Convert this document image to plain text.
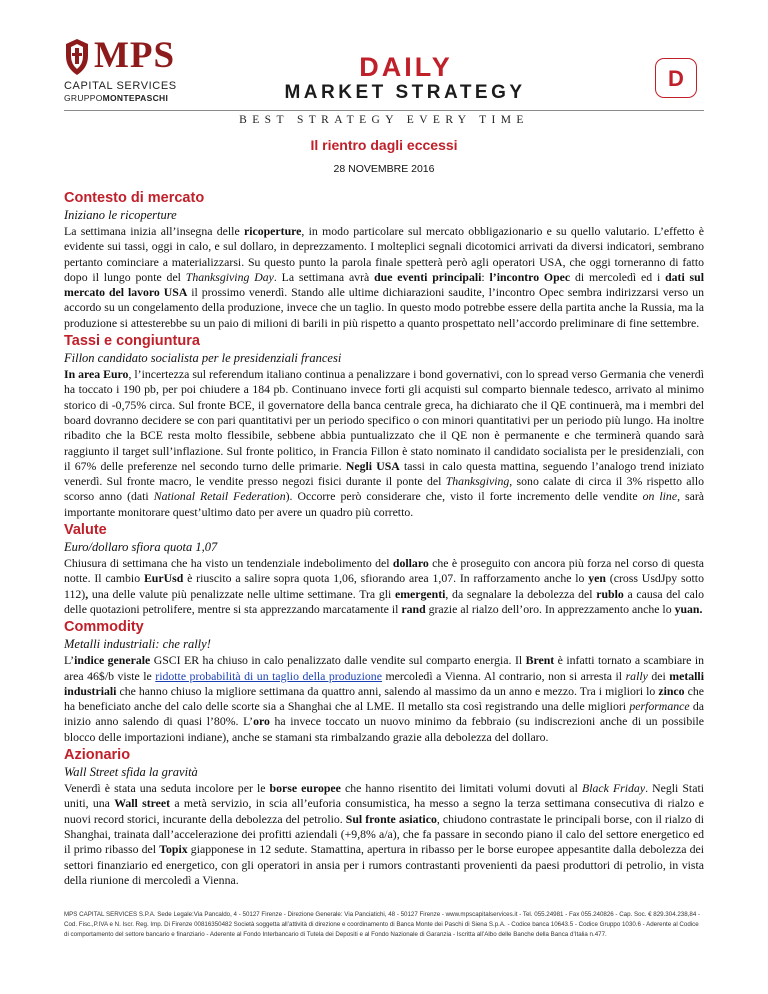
MPS
CAPITAL SERVICES
GRUPPOMONTEPASCHI
DAILY
MARKET STRATEGY
D
BEST STRATEGY EVERY TIME
Il rientro dagli eccessi
28 NOVEMBRE 2016
Contesto di mercato
Iniziano le ricoperture

La settimana inizia all’insegna delle ricoperture, in modo particolare sul mercato obbligazionario e su quello valutario. L’effetto è evidente sui tassi, oggi in calo, e sul dollaro, in deprezzamento. I molteplici segnali dicotomici arrivati da diversi indicatori, sembrano pertanto cominciare a materializzarsi. Su questo punto la parola finale spetterà però agli operatori USA, che oggi torneranno di fatto dopo il lungo ponte del Thanksgiving Day. La settimana avrà due eventi principali: l’incontro Opec di mercoledì ed i dati sul mercato del lavoro USA il prossimo venerdì. Stando alle ultime dichiarazioni saudite, l’incontro Opec sembra indirizzarsi verso un accordo su un congelamento della produzione, invece che un taglio. In questo modo potrebbe essere della partita anche la Russia, ma la produzione si attesterebbe su un paio di milioni di barili in più rispetto a quanto prospettato nell’accordo preliminare di fine settembre.

Tassi e congiuntura
Fillon candidato socialista per le presidenziali francesi

In area Euro, l’incertezza sul referendum italiano continua a penalizzare i bond governativi, con lo spread verso Germania che venerdì ha toccato i 190 pb, per poi chiudere a 184 pb. Continuano invece forti gli acquisti sul comparto biennale tedesco, arrivato al minimo storico di -0,75% circa. Sul fronte BCE, il governatore della banca centrale greca, ha dichiarato che il QE continuerà, ma i membri del board dovranno decidere se con pari quantitativi per un periodo specifico o con minori quantitativi per un periodo più lungo. Ha inoltre ribadito che la BCE resta molto flessibile, sebbene abbia puntualizzato che il QE non è permanente e che terminerà quando sarà raggiunto il target sull’inflazione. Sul fronte politico, in Francia Fillon è stato nominato il candidato socialista per le presidenziali, con il 67% delle preferenze nel secondo turno delle primarie. Negli USA tassi in calo questa mattina, seguendo l’analogo trend iniziato venerdì. Sul fronte macro, le vendite presso negozi fisici durante il ponte del Thanksgiving, sono calate di circa il 3% rispetto allo scorso anno (dati National Retail Federation). Occorre però considerare che, visto il forte incremento delle vendite on line, sarà importante monitorare quest’ultimo dato per avere un quadro più corretto.

Valute
Euro/dollaro sfiora quota 1,07

Chiusura di settimana che ha visto un tendenziale indebolimento del dollaro che è proseguito con ancora più forza nel corso di questa notte. Il cambio EurUsd è riuscito a salire sopra quota 1,06, sfiorando area 1,07. In rafforzamento anche lo yen (cross UsdJpy sotto 112), una delle valute più penalizzate nelle ultime settimane. Tra gli emergenti, da segnalare la debolezza del rublo a causa del calo delle quotazioni petrolifere, mentre si sta apprezzando marcatamente il rand grazie al rialzo dell’oro. In apprezzamento anche lo yuan.

Commodity
Metalli industriali: che rally!

L’indice generale GSCI ER ha chiuso in calo penalizzato dalle vendite sul comparto energia. Il Brent è infatti tornato a scambiare in area 46$/b viste le ridotte probabilità di un taglio della produzione mercoledì a Vienna. Al contrario, non si arresta il rally dei metalli industriali che hanno chiuso la migliore settimana da quattro anni, salendo al massimo da un anno e mezzo. Tra i migliori lo zinco che ha beneficiato anche del calo delle scorte sia a Shanghai che al LME. Il metallo sta così registrando una delle migliori performance da inizio anno salendo di quasi l’80%. L’oro ha invece toccato un nuovo minimo da febbraio (su indiscrezioni anche di un possibile blocco delle importazioni indiane), anche se stamani sta rimbalzando grazie alla debolezza del dollaro.

Azionario
Wall Street sfida la gravità

Venerdì è stata una seduta incolore per le borse europee che hanno risentito dei limitati volumi dovuti al Black Friday. Negli Stati uniti, una Wall street a metà servizio, in scia all’euforia consumistica, ha messo a segno la terza settimana consecutiva di rialzo e nuovi record storici, incurante della debolezza del petrolio. Sul fronte asiatico, chiudono contrastate le principali borse, con il rialzo di Shanghai, trainata dall’accelerazione dei profitti aziendali (+9,8% a/a), che fa passare in secondo piano il calo del settore energetico ed il primo ribasso del Topix giapponese in 12 sedute. Stamattina, apertura in ribasso per le borse europee appesantite dalla debolezza dei settori finanziario ed energetico, con gli operatori in ansia per i rumors contrastanti provenienti da paesi produttori di petrolio, in vista della riunione di mercoledì a Vienna.

MPS CAPITAL SERVICES S.P.A. Sede Legale:Via Pancaldo, 4 - 50127 Firenze - Direzione Generale: Via Panciatichi, 48 - 50127 Firenze - www.mpscapitalservices.it - Tel. 055.24981 - Fax 055.240826 - Cap. Soc. € 829.304.238,84 - Cod. Fisc.,P.IVA e N. Iscr. Reg. Imp. Di Firenze 00816350482 Società soggetta all’attività di direzione e coordinamento di Banca Monte dei Paschi di Siena S.p.A. - Codice banca 10643.5 - Codice Gruppo 1030.6 - Aderente al Codice di comportamento del settore bancario e finanziario - Aderente al Fondo Interbancario di Tutela dei Depositi e al Fondo Nazionale di Garanzia - Iscritta all’Albo delle Banche della Banca d’Italia n.477.
